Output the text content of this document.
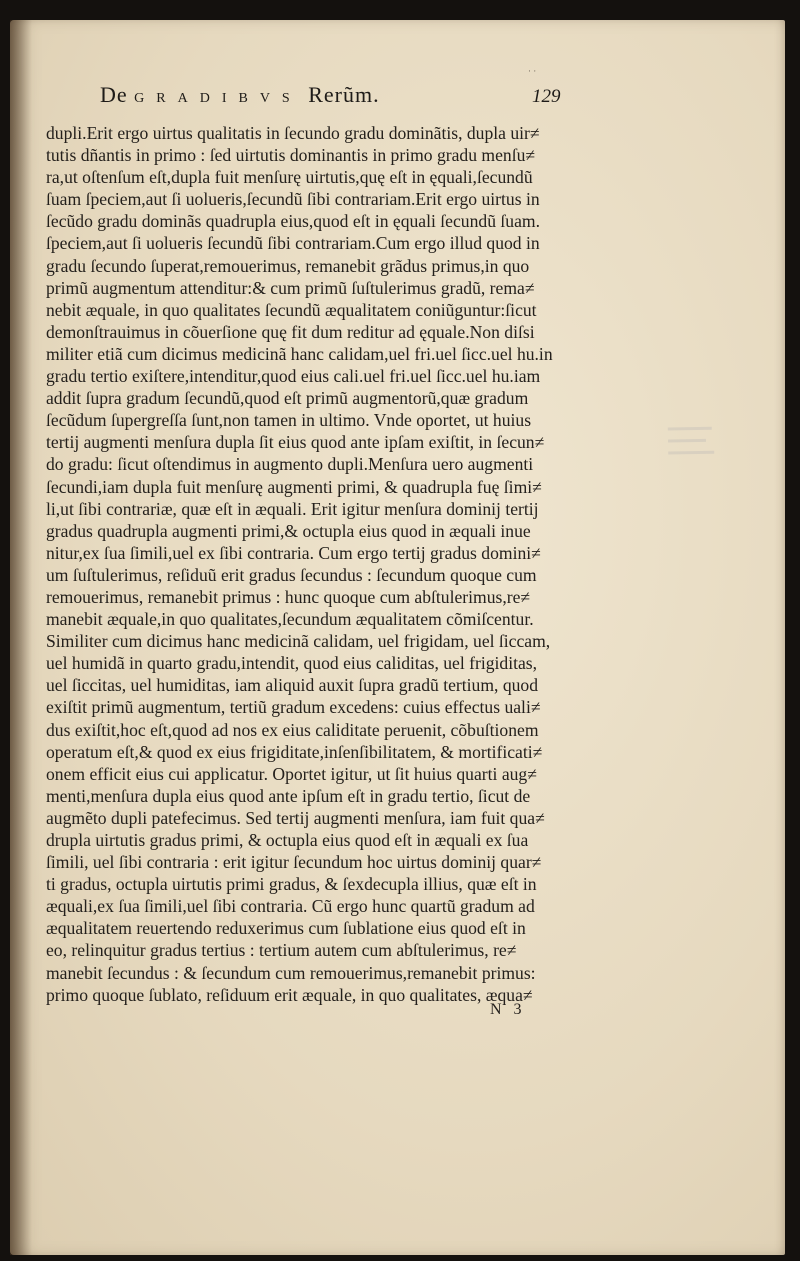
· ·
De GRADIBVS Rerũm.	129
dupli.Erit ergo uirtus qualitatis in ſecundo gradu dominãtis, dupla uir≠
tutis dñantis in primo : ſed uirtutis dominantis in primo gradu menſu≠
ra,ut oſtenſum eſt,dupla fuit menſurę uirtutis,quę eſt in ęquali,ſecundũ
ſuam ſpeciem,aut ſi uolueris,ſecundũ ſibi contrariam.Erit ergo uirtus in
ſecũdo gradu dominãs quadrupla eius,quod eſt in ęquali ſecundũ ſuam.
ſpeciem,aut ſi uolueris ſecundũ ſibi contrariam.Cum ergo illud quod in
gradu ſecundo ſuperat,remouerimus, remanebit grãdus primus,in quo
primũ augmentum attenditur:& cum primũ ſuſtulerimus gradũ, rema≠
nebit æquale, in quo qualitates ſecundũ æqualitatem coniũguntur:ſicut
demonſtrauimus in cõuerſione quę fit dum reditur ad ęquale.Non diſsi
militer etiã cum dicimus medicinã hanc calidam,uel fri.uel ſicc.uel hu.in
gradu tertio exiſtere,intenditur,quod eius cali.uel fri.uel ſicc.uel hu.iam
addit ſupra gradum ſecundũ,quod eſt primũ augmentorũ,quæ gradum
ſecũdum ſupergreſſa ſunt,non tamen in ultimo. Vnde oportet, ut huius
tertij augmenti menſura dupla ſit eius quod ante ipſam exiſtit, in ſecun≠
do gradu: ſicut oſtendimus in augmento dupli.Menſura uero augmenti
ſecundi,iam dupla fuit menſurę augmenti primi, & quadrupla fuę ſimi≠
li,ut ſibi contrariæ, quæ eſt in æquali. Erit igitur menſura dominij tertij
gradus quadrupla augmenti primi,& octupla eius quod in æquali inue
nitur,ex ſua ſimili,uel ex ſibi contraria. Cum ergo tertij gradus domini≠
um ſuſtulerimus, reſiduũ erit gradus ſecundus : ſecundum quoque cum
remouerimus, remanebit primus : hunc quoque cum abſtulerimus,re≠
manebit æquale,in quo qualitates,ſecundum æqualitatem cõmiſcentur.
Similiter cum dicimus hanc medicinã calidam, uel frigidam, uel ſiccam,
uel humidã in quarto gradu,intendit, quod eius caliditas, uel frigiditas,
uel ſiccitas, uel humiditas, iam aliquid auxit ſupra gradũ tertium, quod
exiſtit primũ augmentum, tertiũ gradum excedens: cuius effectus uali≠
dus exiſtit,hoc eſt,quod ad nos ex eius caliditate peruenit, cõbuſtionem
operatum eſt,& quod ex eius frigiditate,inſenſibilitatem, & mortificati≠
onem efficit eius cui applicatur. Oportet igitur, ut ſit huius quarti aug≠
menti,menſura dupla eius quod ante ipſum eſt in gradu tertio, ſicut de
augmẽto dupli patefecimus. Sed tertij augmenti menſura, iam fuit qua≠
drupla uirtutis gradus primi, & octupla eius quod eſt in æquali ex ſua
ſimili, uel ſibi contraria : erit igitur ſecundum hoc uirtus dominij quar≠
ti gradus, octupla uirtutis primi gradus, & ſexdecupla illius, quæ eſt in
æquali,ex ſua ſimili,uel ſibi contraria. Cũ ergo hunc quartũ gradum ad
æqualitatem reuertendo reduxerimus cum ſublatione eius quod eſt in
eo, relinquitur gradus tertius : tertium autem cum abſtulerimus, re≠
manebit ſecundus : & ſecundum cum remouerimus,remanebit primus:
primo quoque ſublato, reſiduum erit æquale, in quo qualitates, æqua≠
N 3
